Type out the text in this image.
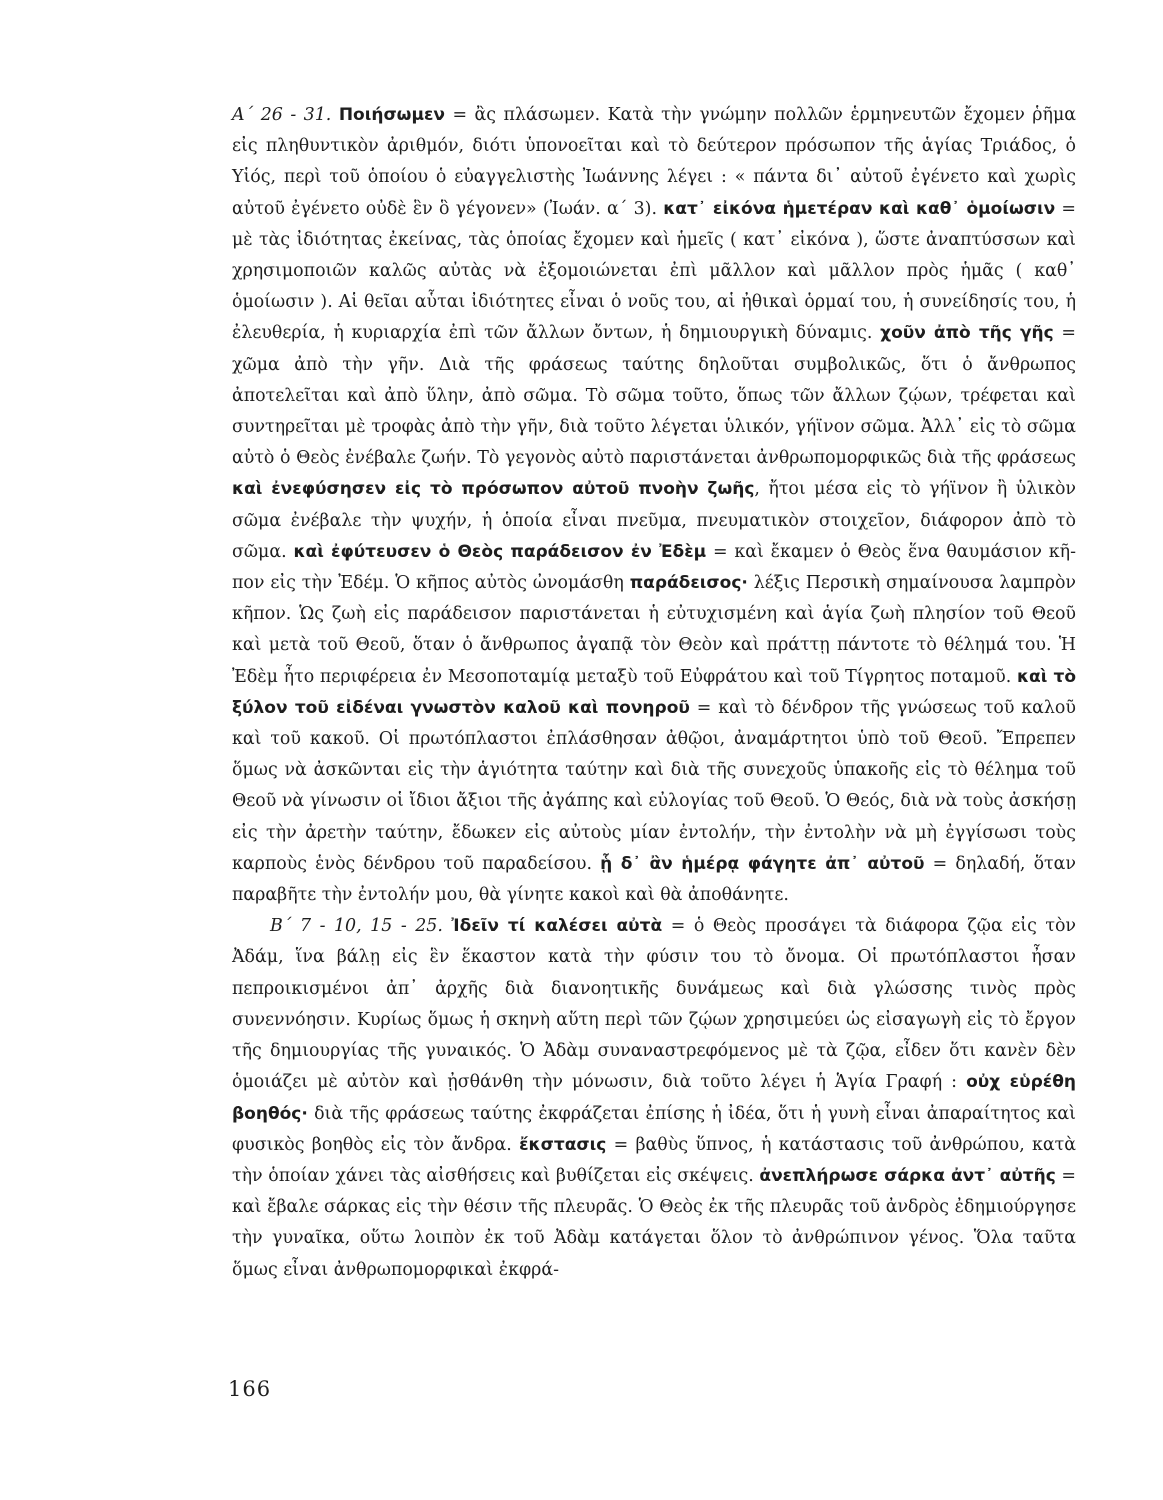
Α΄ 26 - 31. Ποιήσωμεν = ἂς πλάσωμεν. Κατὰ τὴν γνώμην πολλῶν ἑρμηνευτῶν ἔχομεν ῥῆμα εἰς πληθυντικὸν ἀριθμόν, διότι ὑπονοεῖται καὶ τὸ δεύτερον πρόσωπον τῆς ἁγίας Τριάδος, ὁ Υἱός, περὶ τοῦ ὁποίου ὁ εὐαγγελιστὴς Ἰωάννης λέγει : « πάντα δι᾿ αὐτοῦ ἐγένετο καὶ χωρὶς αὐτοῦ ἐγένετο οὐδὲ ἓν ὃ γέγονεν» (Ἰωάν. α΄ 3). κατ᾿ εἰκόνα ἡμετέραν καὶ καθ᾿ ὁμοίωσιν = μὲ τὰς ἰδιότητας ἐκείνας, τὰς ὁποίας ἔχομεν καὶ ἡμεῖς ( κατ᾿ εἰκόνα ), ὥστε ἀναπτύσσων καὶ χρησιμοποιῶν καλῶς αὐτὰς νὰ ἐξομοιώνεται ἐπὶ μᾶλλον καὶ μᾶλλον πρὸς ἡμᾶς ( καθ᾿ ὁμοίωσιν ). Αἱ θεῖαι αὗται ἰδιότητες εἶναι ὁ νοῦς του, αἱ ἠθικαὶ ὁρμαί του, ἡ συνείδησίς του, ἡ ἐλευθερία, ἡ κυριαρχία ἐπὶ τῶν ἄλλων ὄντων, ἡ δημιουργικὴ δύναμις. χοῦν ἀπὸ τῆς γῆς = χῶμα ἀπὸ τὴν γῆν. Διὰ τῆς φράσεως ταύτης δηλοῦται συμβολικῶς, ὅτι ὁ ἄνθρωπος ἀποτελεῖται καὶ ἀπὸ ὕλην, ἀπὸ σῶμα. Τὸ σῶμα τοῦτο, ὅπως τῶν ἄλλων ζῴων, τρέφεται καὶ συντηρεῖται μὲ τροφὰς ἀπὸ τὴν γῆν, διὰ τοῦτο λέγεται ὑλικόν, γήϊνον σῶμα. Ἀλλ᾿ εἰς τὸ σῶμα αὐτὸ ὁ Θεὸς ἐνέβαλε ζωήν. Τὸ γεγονὸς αὐτὸ παριστάνεται ἀνθρωπομορφικῶς διὰ τῆς φράσεως καὶ ἐνεφύσησεν εἰς τὸ πρόσωπον αὐτοῦ πνοὴν ζωῆς, ἤτοι μέσα εἰς τὸ γήϊνον ἢ ὑλικὸν σῶμα ἐνέβαλε τὴν ψυχήν, ἡ ὁποία εἶναι πνεῦμα, πνευματικὸν στοιχεῖον, διάφορον ἀπὸ τὸ σῶμα. καὶ ἐφύτευσεν ὁ Θεὸς παράδεισον ἐν Ἐδὲμ = καὶ ἔκαμεν ὁ Θεὸς ἕνα θαυμάσιον κῆπον εἰς τὴν Ἐδέμ. Ὁ κῆπος αὐτὸς ὠνομάσθη παράδεισος· λέξις Περσικὴ σημαίνουσα λαμπρὸν κῆπον. Ὡς ζωὴ εἰς παράδεισον παριστάνεται ἡ εὐτυχισμένη καὶ ἁγία ζωὴ πλησίον τοῦ Θεοῦ καὶ μετὰ τοῦ Θεοῦ, ὅταν ὁ ἄνθρωπος ἀγαπᾷ τὸν Θεὸν καὶ πράττῃ πάντοτε τὸ θέλημά του. Ἡ Ἐδὲμ ἦτο περιφέρεια ἐν Μεσοποταμίᾳ μεταξὺ τοῦ Εὐφράτου καὶ τοῦ Τίγρητος ποταμοῦ. καὶ τὸ ξύλον τοῦ εἰδέναι γνωστὸν καλοῦ καὶ πονηροῦ = καὶ τὸ δένδρον τῆς γνώσεως τοῦ καλοῦ καὶ τοῦ κακοῦ. Οἱ πρωτόπλαστοι ἐπλάσθησαν ἀθῷοι, ἀναμάρτητοι ὑπὸ τοῦ Θεοῦ. Ἔπρεπεν ὅμως νὰ ἀσκῶνται εἰς τὴν ἁγιότητα ταύτην καὶ διὰ τῆς συνεχοῦς ὑπακοῆς εἰς τὸ θέλημα τοῦ Θεοῦ νὰ γίνωσιν οἱ ἴδιοι ἄξιοι τῆς ἀγάπης καὶ εὐλογίας τοῦ Θεοῦ. Ὁ Θεός, διὰ νὰ τοὺς ἀσκήσῃ εἰς τὴν ἀρετὴν ταύτην, ἔδωκεν εἰς αὐτοὺς μίαν ἐντολήν, τὴν ἐντολὴν νὰ μὴ ἐγγίσωσι τοὺς καρποὺς ἑνὸς δένδρου τοῦ παραδείσου. ᾗ δ᾿ ἂν ἡμέρᾳ φάγητε ἀπ᾿ αὐτοῦ = δηλαδή, ὅταν παραβῆτε τὴν ἐντολήν μου, θὰ γίνητε κακοὶ καὶ θὰ ἀποθάνητε.

Β΄ 7 - 10, 15 - 25. Ἰδεῖν τί καλέσει αὐτὰ = ὁ Θεὸς προσάγει τὰ διάφορα ζῷα εἰς τὸν Ἀδάμ, ἵνα βάλῃ εἰς ἓν ἕκαστον κατὰ τὴν φύσιν του τὸ ὄνομα. Οἱ πρωτόπλαστοι ἦσαν πεπροικισμένοι ἀπ᾿ ἀρχῆς διὰ διανοητικῆς δυνάμεως καὶ διὰ γλώσσης τινὸς πρὸς συνεννόησιν. Κυρίως ὅμως ἡ σκηνὴ αὕτη περὶ τῶν ζῴων χρησιμεύει ὡς εἰσαγωγὴ εἰς τὸ ἔργον τῆς δημιουργίας τῆς γυναικός. Ὁ Ἀδὰμ συναναστρεφόμενος μὲ τὰ ζῷα, εἶδεν ὅτι κανὲν δὲν ὁμοιάζει μὲ αὐτὸν καὶ ᾐσθάνθη τὴν μόνωσιν, διὰ τοῦτο λέγει ἡ Ἁγία Γραφή : οὐχ εὑρέθη βοηθός· διὰ τῆς φράσεως ταύτης ἐκφράζεται ἐπίσης ἡ ἰδέα, ὅτι ἡ γυνὴ εἶναι ἀπαραίτητος καὶ φυσικὸς βοηθὸς εἰς τὸν ἄνδρα. ἔκστασις = βαθὺς ὕπνος, ἡ κατάστασις τοῦ ἀνθρώπου, κατὰ τὴν ὁποίαν χάνει τὰς αἰσθήσεις καὶ βυθίζεται εἰς σκέψεις. ἀνεπλήρωσε σάρκα ἀντ᾿ αὐτῆς = καὶ ἔβαλε σάρκας εἰς τὴν θέσιν τῆς πλευρᾶς. Ὁ Θεὸς ἐκ τῆς πλευρᾶς τοῦ ἀνδρὸς ἐδημιούργησε τὴν γυναῖκα, οὕτω λοιπὸν ἐκ τοῦ Ἀδὰμ κατάγεται ὅλον τὸ ἀνθρώπινον γένος. Ὅλα ταῦτα ὅμως εἶναι ἀνθρωπομορφικαὶ ἐκφρά-

166
